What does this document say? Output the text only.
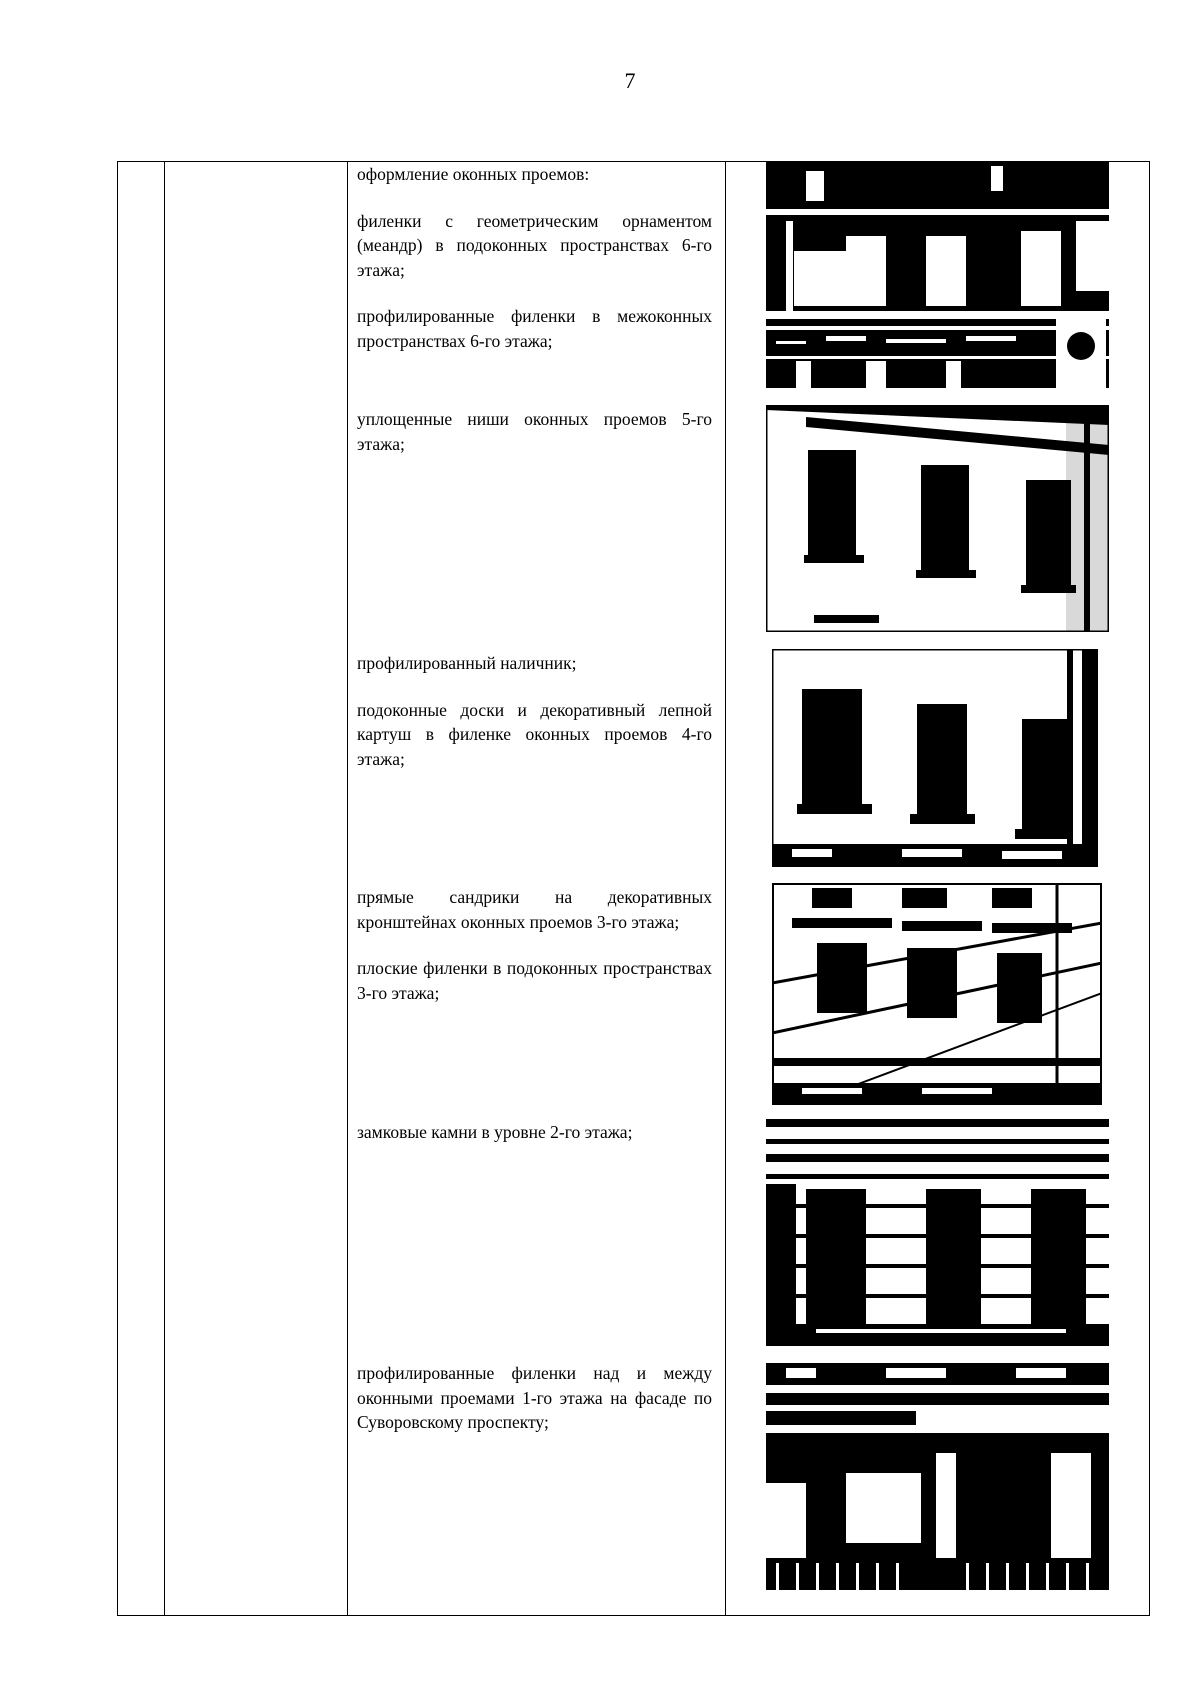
7

оформление оконных проемов:

филенки с геометрическим орнаментом (меандр) в подоконных пространствах 6-го этажа;

профилированные филенки в межоконных пространствах 6-го этажа;

уплощенные ниши оконных проемов 5-го этажа;

профилированный наличник;

подоконные доски и декоративный лепной картуш в филенке оконных проемов 4-го этажа;

прямые сандрики на декоративных кронштейнах оконных проемов 3-го этажа;

плоские филенки в подоконных пространствах 3-го этажа;

замковые камни в уровне 2-го этажа;

профилированные филенки над и между оконными проемами 1-го этажа на фасаде по Суворовскому проспекту;
